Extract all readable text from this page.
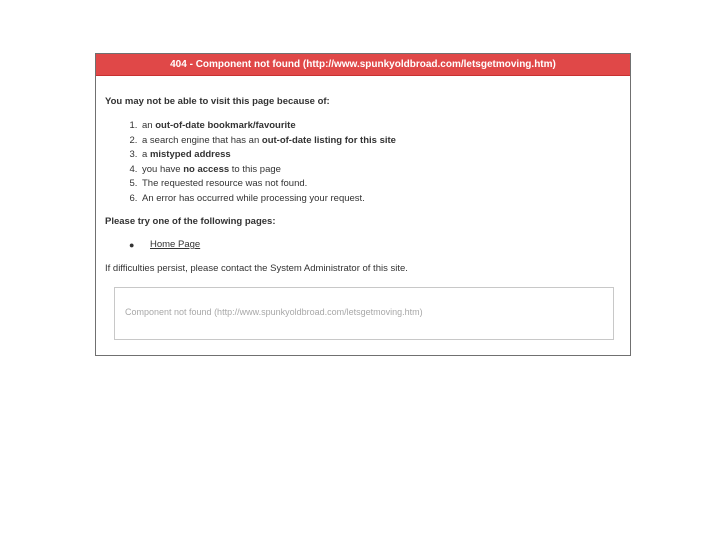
404 - Component not found (http://www.spunkyoldbroad.com/letsgetmoving.htm)

You may not be able to visit this page because of:

1. an out-of-date bookmark/favourite
2. a search engine that has an out-of-date listing for this site
3. a mistyped address
4. you have no access to this page
5. The requested resource was not found.
6. An error has occurred while processing your request.

Please try one of the following pages:

● Home Page

If difficulties persist, please contact the System Administrator of this site.

Component not found (http://www.spunkyoldbroad.com/letsgetmoving.htm)
